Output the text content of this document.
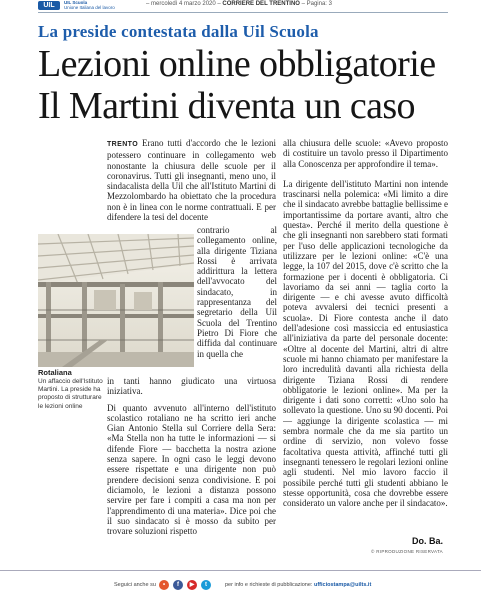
UIL	UIL Scuola
Unione Italiana del lavoro
– mercoledì 4 marzo 2020 – CORRIERE DEL TRENTINO – Pagina: 3
La preside contestata dalla Uil Scuola
Lezioni online obbligatorie
Il Martini diventa un caso

TRENTO Erano tutti d'accordo che le lezioni potessero continuare in collegamento web nonostante la chiusura delle scuole per il coronavirus. Tutti gli insegnanti, meno uno, il sindacalista della Uil che all'Istituto Martini di Mezzolombardo ha obiettato che la procedura non è in linea con le norme contrattuali. E per difendere la tesi del docente

contrario al collegamento online, alla dirigente Tiziana Rossi è arrivata addirittura la lettera dell'avvocato del sindacato, in rappresentanza del segretario della Uil Scuola del Trentino Pietro Di Fiore che diffida dal continuare in quella che

Rotaliana

Un affaccio dell'Istituto Martini. La preside ha proposto di strutturare le lezioni online

in tanti hanno giudicato una virtuosa iniziativa.

Di quanto avvenuto all'interno dell'istituto scolastico rotaliano ne ha scritto ieri anche Gian Antonio Stella sul Corriere della Sera: «Ma Stella non ha tutte le informazioni — si difende Fiore — bacchetta la nostra azione senza sapere. In ogni caso le leggi devono essere rispettate e una dirigente non può prendere decisioni senza condivisione. E poi diciamolo, le lezioni a distanza possono servire per fare i compiti a casa ma non per l'apprendimento di una materia». Dice poi che il suo sindacato si è mosso da subito per trovare soluzioni rispetto

alla chiusura delle scuole: «Avevo proposto di costituire un tavolo presso il Dipartimento alla Conoscenza per approfondire il tema».

La dirigente dell'istituto Martini non intende trascinarsi nella polemica: «Mi limito a dire che il sindacato avrebbe battaglie bellissime e importantissime da portare avanti, altro che questa». Perché il merito della questione è che gli insegnanti non sarebbero stati formati per l'uso delle applicazioni tecnologiche da utilizzare per le lezioni online: «C'è una legge, la 107 del 2015, dove c'è scritto che la formazione per i docenti è obbligatoria. Ci lavoriamo da sei anni — taglia corto la dirigente — e chi avesse avuto difficoltà poteva avvalersi dei tecnici presenti a scuola». Di Fiore contesta anche il dato dell'adesione così massiccia ed entusiastica all'iniziativa da parte del personale docente: «Oltre al docente del Martini, altri di altre scuole mi hanno chiamato per manifestare la loro incredulità davanti alla richiesta della dirigente Tiziana Rossi di rendere obbligatorie le lezioni online». Ma per la dirigente i dati sono corretti: «Uno solo ha sollevato la questione. Uno su 90 docenti. Poi — aggiunge la dirigente scolastica — mi sembra normale che da me sia partito un ordine di servizio, non volevo fosse facoltativa questa attività, affinché tutti gli insegnanti tenessero le regolari lezioni online agli studenti. Nel mio lavoro faccio il possibile perché tutti gli studenti abbiano le stesse opportunità, cosa che dovrebbe essere considerato un valore anche per il sindacato».

Do. Ba.

© RIPRODUZIONE RISERVATA

Seguici anche su	•	f	▶	t	per info e richieste di pubblicazione: ufficiostampa@uilts.it
